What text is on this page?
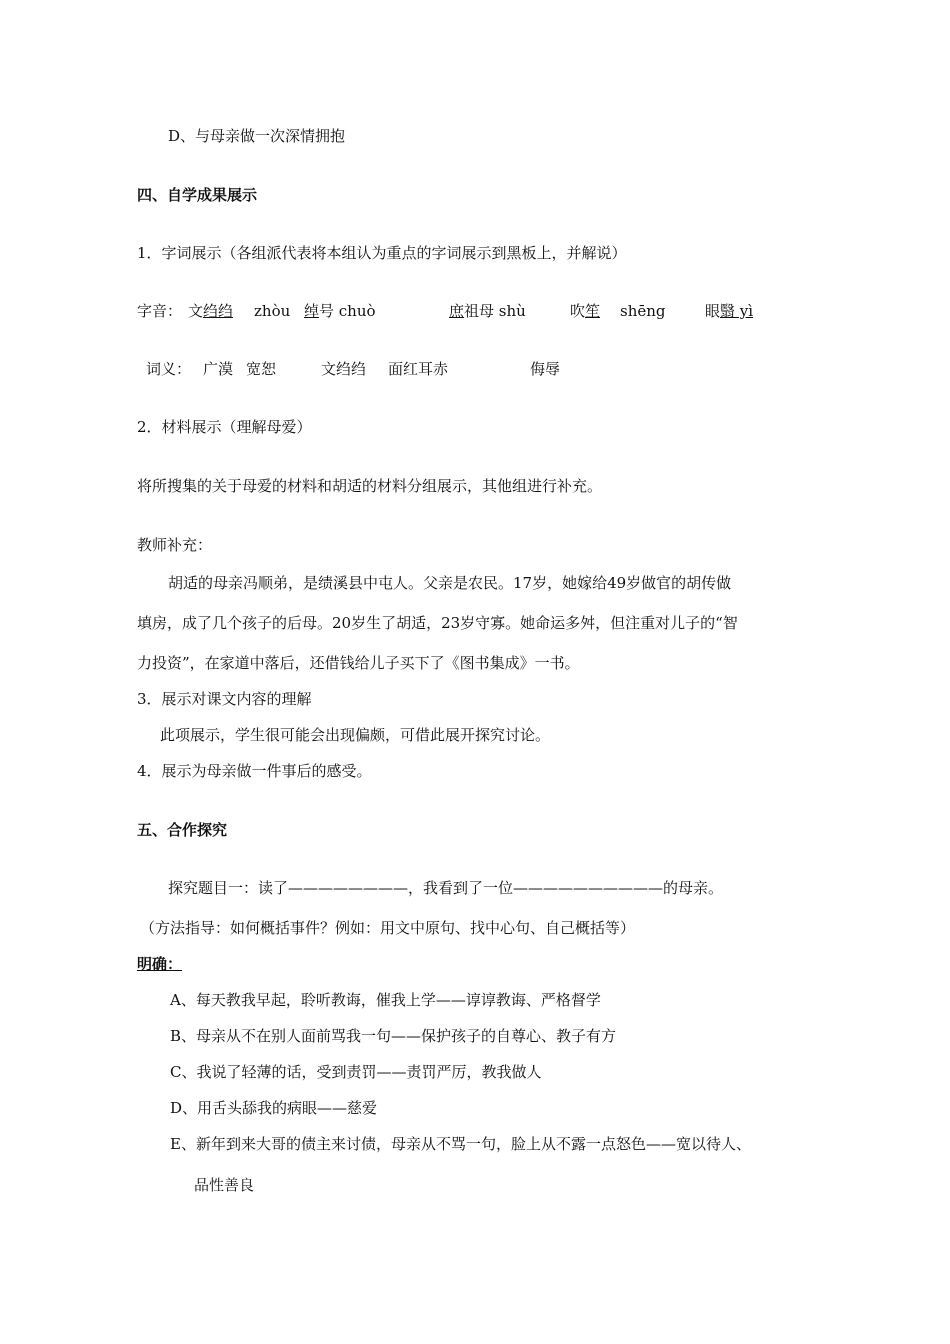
D、与母亲做一次深情拥抱
四、自学成果展示
1．字词展示（各组派代表将本组认为重点的字词展示到黑板上，并解说）
字音： 文绉绉 zhòu 绰号 chuò	庶祖母 shù	吹笙 shēng	眼翳 yì
词义： 广漠 宽恕	文绉绉 面红耳赤	侮辱
2．材料展示（理解母爱）
将所搜集的关于母爱的材料和胡适的材料分组展示，其他组进行补充。
教师补充：
胡适的母亲冯顺弟，是绩溪县中屯人。父亲是农民。17岁，她嫁给49岁做官的胡传做
填房，成了几个孩子的后母。20岁生了胡适，23岁守寡。她命运多舛，但注重对儿子的“智
力投资”，在家道中落后，还借钱给儿子买下了《图书集成》一书。
3．展示对课文内容的理解
此项展示，学生很可能会出现偏颇，可借此展开探究讨论。
4．展示为母亲做一件事后的感受。
五、合作探究
探究题目一：读了————————，我看到了一位——————————的母亲。
（方法指导：如何概括事件？例如：用文中原句、找中心句、自己概括等）
明确：
A、每天教我早起，聆听教诲，催我上学——谆谆教诲、严格督学
B、母亲从不在别人面前骂我一句——保护孩子的自尊心、教子有方
C、我说了轻薄的话，受到责罚——责罚严厉，教我做人
D、用舌头舔我的病眼——慈爱
E、新年到来大哥的债主来讨债，母亲从不骂一句，脸上从不露一点怒色——宽以待人、
品性善良
